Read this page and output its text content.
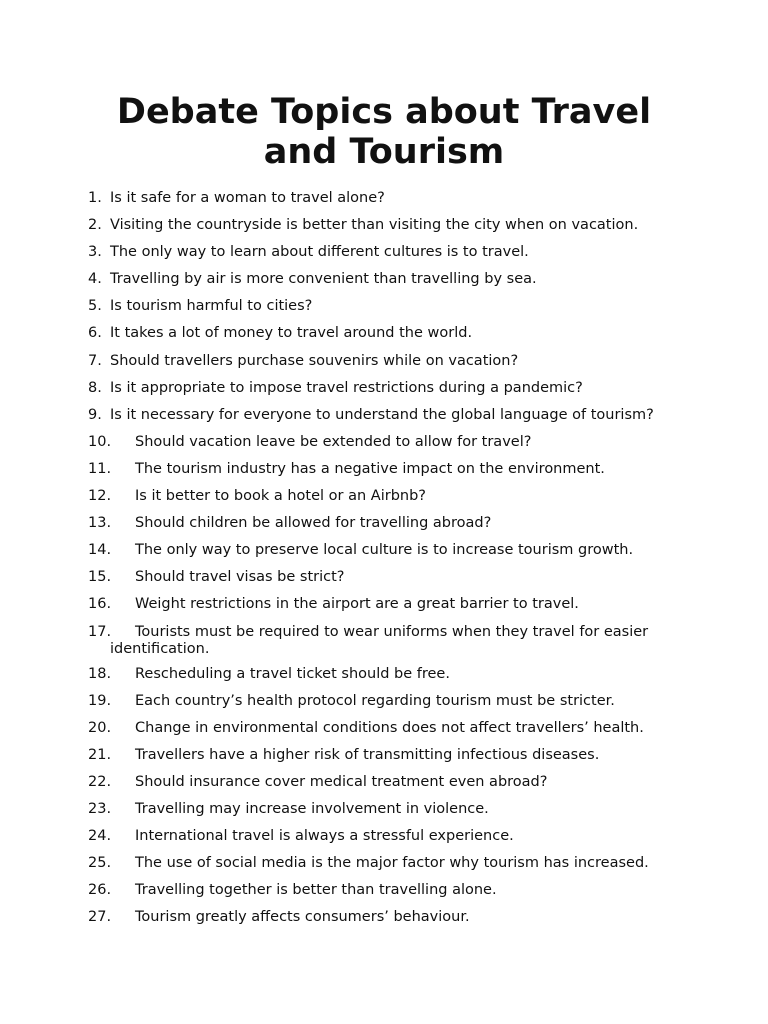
Debate Topics about Travel and Tourism
1. Is it safe for a woman to travel alone?
2. Visiting the countryside is better than visiting the city when on vacation.
3. The only way to learn about different cultures is to travel.
4. Travelling by air is more convenient than travelling by sea.
5. Is tourism harmful to cities?
6. It takes a lot of money to travel around the world.
7. Should travellers purchase souvenirs while on vacation?
8. Is it appropriate to impose travel restrictions during a pandemic?
9. Is it necessary for everyone to understand the global language of tourism?
10.	Should vacation leave be extended to allow for travel?
11.	The tourism industry has a negative impact on the environment.
12.	Is it better to book a hotel or an Airbnb?
13.	Should children be allowed for travelling abroad?
14.	The only way to preserve local culture is to increase tourism growth.
15.	Should travel visas be strict?
16.	Weight restrictions in the airport are a great barrier to travel.
17.	Tourists must be required to wear uniforms when they travel for easier identification.
18.	Rescheduling a travel ticket should be free.
19.	Each country’s health protocol regarding tourism must be stricter.
20.	Change in environmental conditions does not affect travellers’ health.
21.	Travellers have a higher risk of transmitting infectious diseases.
22.	Should insurance cover medical treatment even abroad?
23.	Travelling may increase involvement in violence.
24.	International travel is always a stressful experience.
25.	The use of social media is the major factor why tourism has increased.
26.	Travelling together is better than travelling alone.
27.	Tourism greatly affects consumers’ behaviour.
